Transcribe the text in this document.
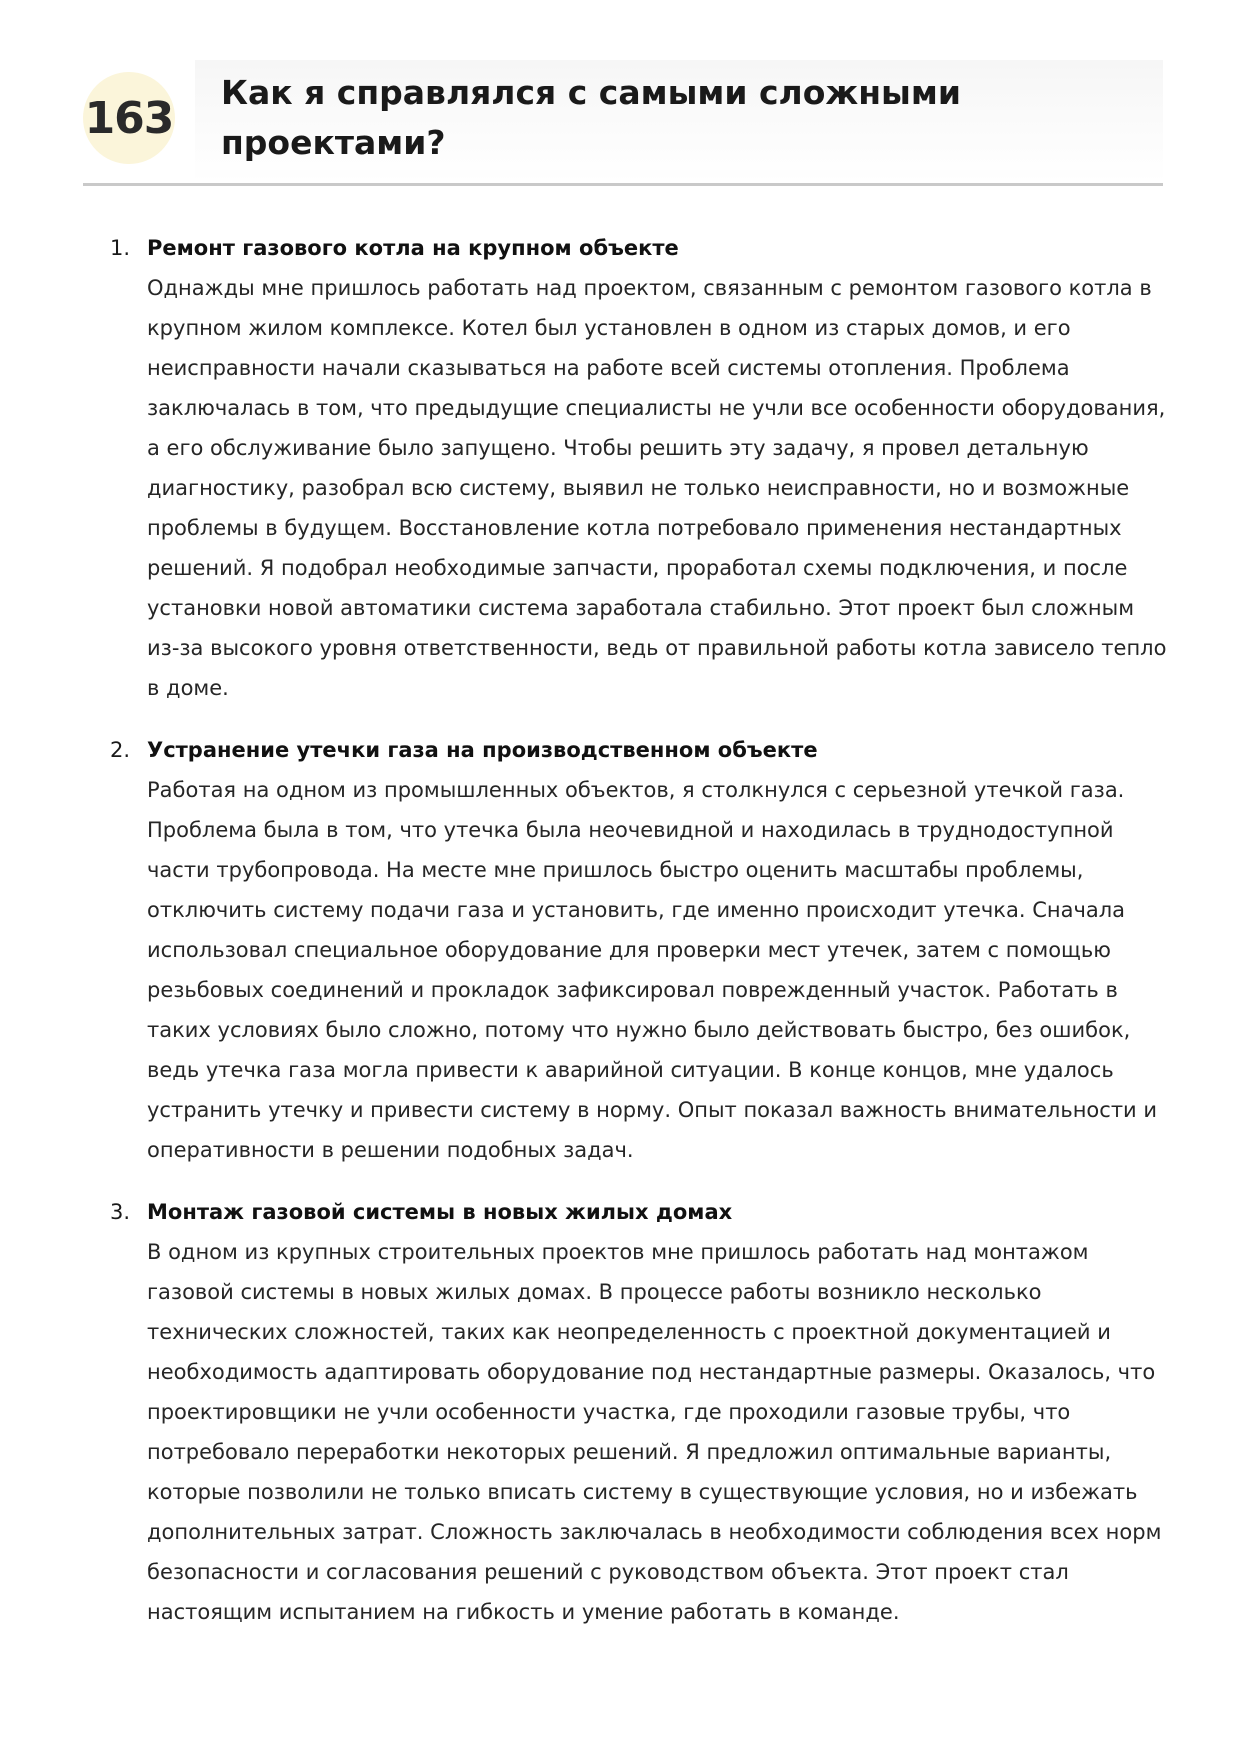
163 Как я справлялся с самыми сложными проектами?
1. Ремонт газового котла на крупном объекте
Однажды мне пришлось работать над проектом, связанным с ремонтом газового котла в крупном жилом комплексе. Котел был установлен в одном из старых домов, и его неисправности начали сказываться на работе всей системы отопления. Проблема заключалась в том, что предыдущие специалисты не учли все особенности оборудования, а его обслуживание было запущено. Чтобы решить эту задачу, я провел детальную диагностику, разобрал всю систему, выявил не только неисправности, но и возможные проблемы в будущем. Восстановление котла потребовало применения нестандартных решений. Я подобрал необходимые запчасти, проработал схемы подключения, и после установки новой автоматики система заработала стабильно. Этот проект был сложным из-за высокого уровня ответственности, ведь от правильной работы котла зависело тепло в доме.
2. Устранение утечки газа на производственном объекте
Работая на одном из промышленных объектов, я столкнулся с серьезной утечкой газа. Проблема была в том, что утечка была неочевидной и находилась в труднодоступной части трубопровода. На месте мне пришлось быстро оценить масштабы проблемы, отключить систему подачи газа и установить, где именно происходит утечка. Сначала использовал специальное оборудование для проверки мест утечек, затем с помощью резьбовых соединений и прокладок зафиксировал поврежденный участок. Работать в таких условиях было сложно, потому что нужно было действовать быстро, без ошибок, ведь утечка газа могла привести к аварийной ситуации. В конце концов, мне удалось устранить утечку и привести систему в норму. Опыт показал важность внимательности и оперативности в решении подобных задач.
3. Монтаж газовой системы в новых жилых домах
В одном из крупных строительных проектов мне пришлось работать над монтажом газовой системы в новых жилых домах. В процессе работы возникло несколько технических сложностей, таких как неопределенность с проектной документацией и необходимость адаптировать оборудование под нестандартные размеры. Оказалось, что проектировщики не учли особенности участка, где проходили газовые трубы, что потребовало переработки некоторых решений. Я предложил оптимальные варианты, которые позволили не только вписать систему в существующие условия, но и избежать дополнительных затрат. Сложность заключалась в необходимости соблюдения всех норм безопасности и согласования решений с руководством объекта. Этот проект стал настоящим испытанием на гибкость и умение работать в команде.
